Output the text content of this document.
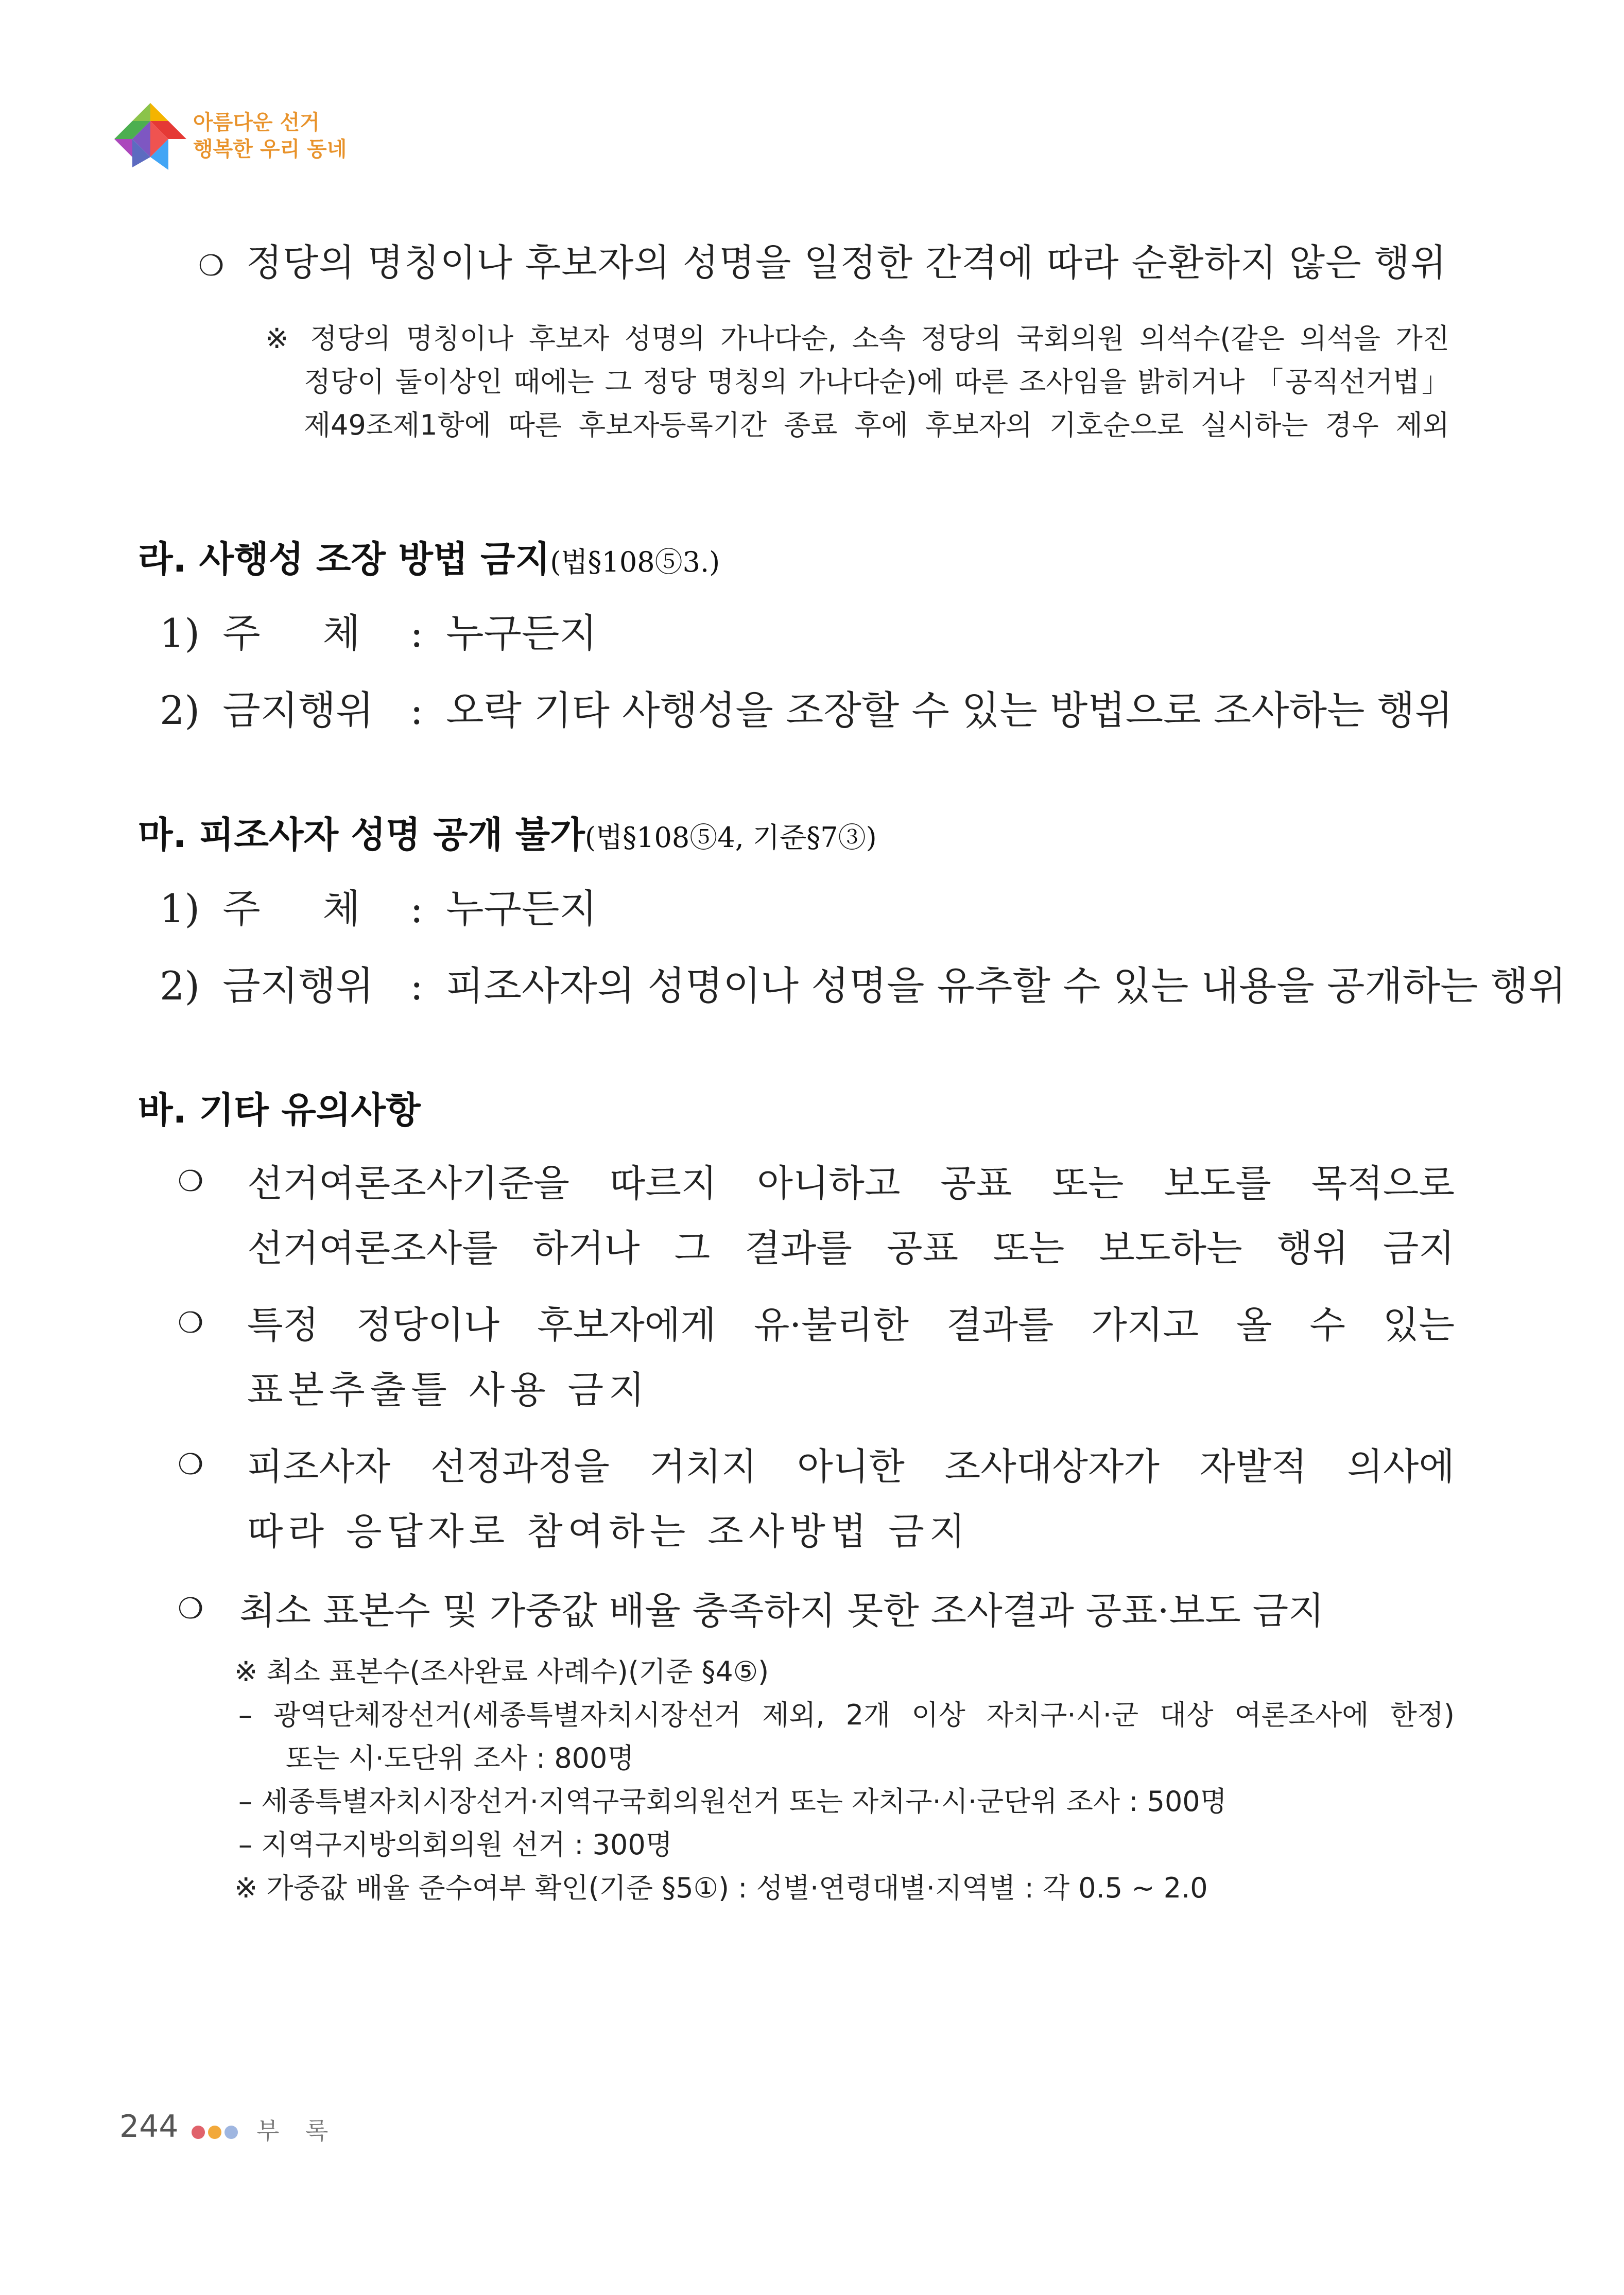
아름다운 선거
행복한 우리 동네
❍ 정당의 명칭이나 후보자의 성명을 일정한 간격에 따라 순환하지 않은 행위
※ 정당의 명칭이나 후보자 성명의 가나다순, 소속 정당의 국회의원 의석수(같은 의석을 가진
정당이 둘이상인 때에는 그 정당 명칭의 가나다순)에 따른 조사임을 밝히거나 「공직선거법」
제49조제1항에 따른 후보자등록기간 종료 후에 후보자의 기호순으로 실시하는 경우 제외
라. 사행성 조장 방법 금지(법§108⑤3.)
1) 주     체 : 누구든지
2) 금지행위 : 오락 기타 사행성을 조장할 수 있는 방법으로 조사하는 행위
마. 피조사자 성명 공개 불가(법§108⑤4, 기준§7③)
1) 주     체 : 누구든지
2) 금지행위 : 피조사자의 성명이나 성명을 유추할 수 있는 내용을 공개하는 행위
바. 기타 유의사항
❍ 선거여론조사기준을 따르지 아니하고 공표 또는 보도를 목적으로
선거여론조사를 하거나 그 결과를 공표 또는 보도하는 행위 금지
❍ 특정 정당이나 후보자에게 유·불리한 결과를 가지고 올 수 있는
표본추출틀 사용 금지
❍ 피조사자 선정과정을 거치지 아니한 조사대상자가 자발적 의사에
따라 응답자로 참여하는 조사방법 금지
❍ 최소 표본수 및 가중값 배율 충족하지 못한 조사결과 공표·보도 금지
※ 최소 표본수(조사완료 사례수)(기준 §4⑤)
– 광역단체장선거(세종특별자치시장선거 제외, 2개 이상 자치구·시·군 대상 여론조사에 한정)
또는 시·도단위 조사 : 800명
– 세종특별자치시장선거·지역구국회의원선거 또는 자치구·시·군단위 조사 : 500명
– 지역구지방의회의원 선거 : 300명
※ 가중값 배율 준수여부 확인(기준 §5①) : 성별·연령대별·지역별 : 각 0.5 ~ 2.0
244	부 록
